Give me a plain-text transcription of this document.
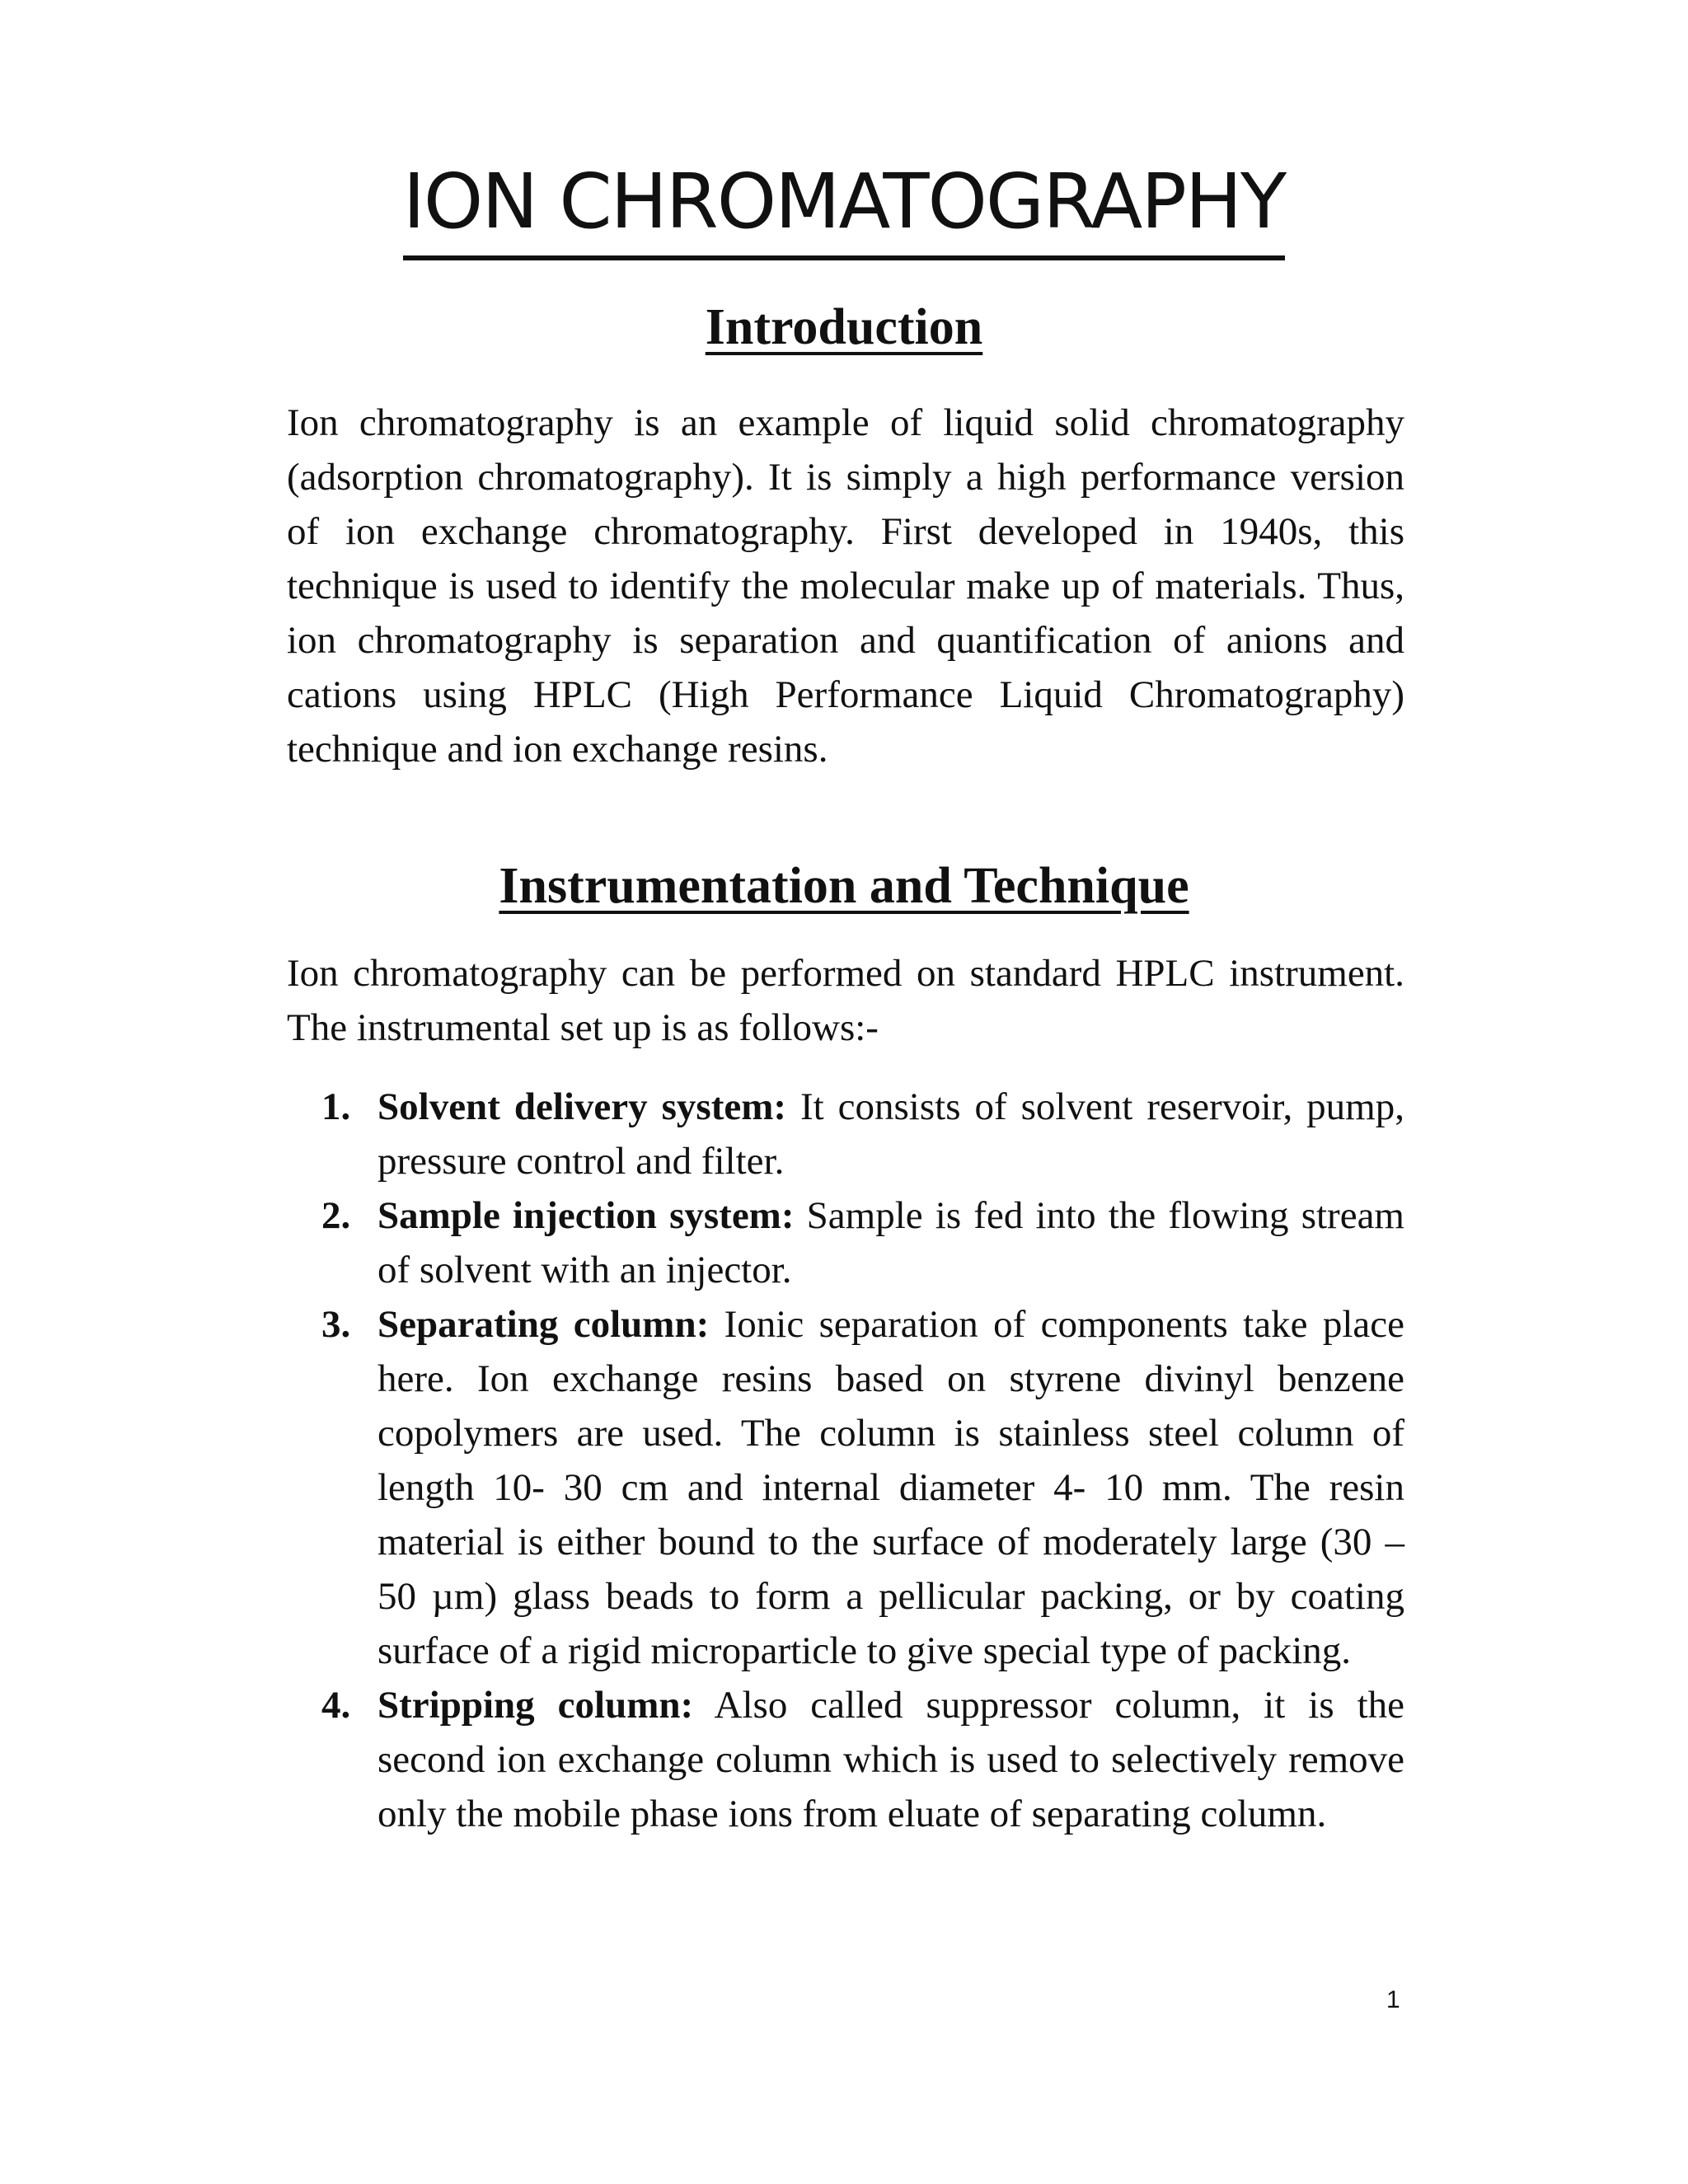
ION CHROMATOGRAPHY
Introduction

Ion chromatography is an example of liquid solid chromatography (adsorption chromatography). It is simply a high performance version of ion exchange chromatography. First developed in 1940s, this technique is used to identify the molecular make up of materials. Thus, ion chromatography is separation and quantification of anions and cations using HPLC (High Performance Liquid Chromatography) technique and ion exchange resins.

Instrumentation and Technique

Ion chromatography can be performed on standard HPLC instrument. The instrumental set up is as follows:-

1. Solvent delivery system: It consists of solvent reservoir, pump, pressure control and filter.
2. Sample injection system: Sample is fed into the flowing stream of solvent with an injector.
3. Separating column: Ionic separation of components take place here. Ion exchange resins based on styrene divinyl benzene copolymers are used. The column is stainless steel column of length 10- 30 cm and internal diameter 4- 10 mm. The resin material is either bound to the surface of moderately large (30 – 50 µm) glass beads to form a pellicular packing, or by coating surface of a rigid microparticle to give special type of packing.
4. Stripping column: Also called suppressor column, it is the second ion exchange column which is used to selectively remove only the mobile phase ions from eluate of separating column.
1
